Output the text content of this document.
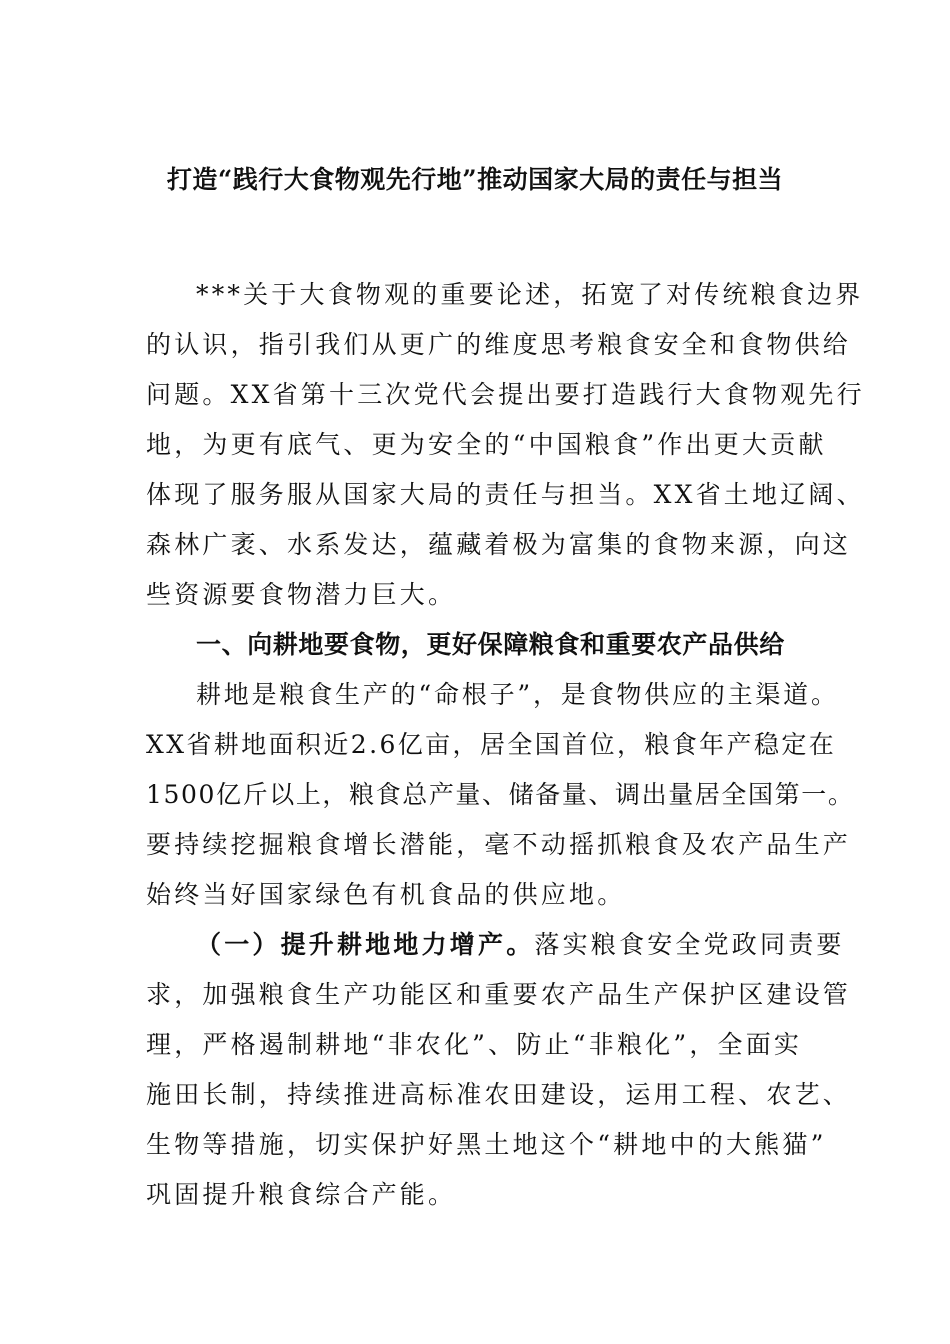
打造“践行大食物观先行地”推动国家大局的责任与担当
***关于大食物观的重要论述，拓宽了对传统粮食边界
的认识，指引我们从更广的维度思考粮食安全和食物供给
问题。XX省第十三次党代会提出要打造践行大食物观先行
地，为更有底气、更为安全的“中国粮食”作出更大贡献
体现了服务服从国家大局的责任与担当。XX省土地辽阔、
森林广袤、水系发达，蕴藏着极为富集的食物来源，向这
些资源要食物潜力巨大。
一、向耕地要食物，更好保障粮食和重要农产品供给
耕地是粮食生产的“命根子”，是食物供应的主渠道。
XX省耕地面积近2.6亿亩，居全国首位，粮食年产稳定在
1500亿斤以上，粮食总产量、储备量、调出量居全国第一。
要持续挖掘粮食增长潜能，毫不动摇抓粮食及农产品生产
始终当好国家绿色有机食品的供应地。
（一）提升耕地地力增产。落实粮食安全党政同责要
求，加强粮食生产功能区和重要农产品生产保护区建设管
理，严格遏制耕地“非农化”、防止“非粮化”，全面实
施田长制，持续推进高标准农田建设，运用工程、农艺、
生物等措施，切实保护好黑土地这个“耕地中的大熊猫”
巩固提升粮食综合产能。
